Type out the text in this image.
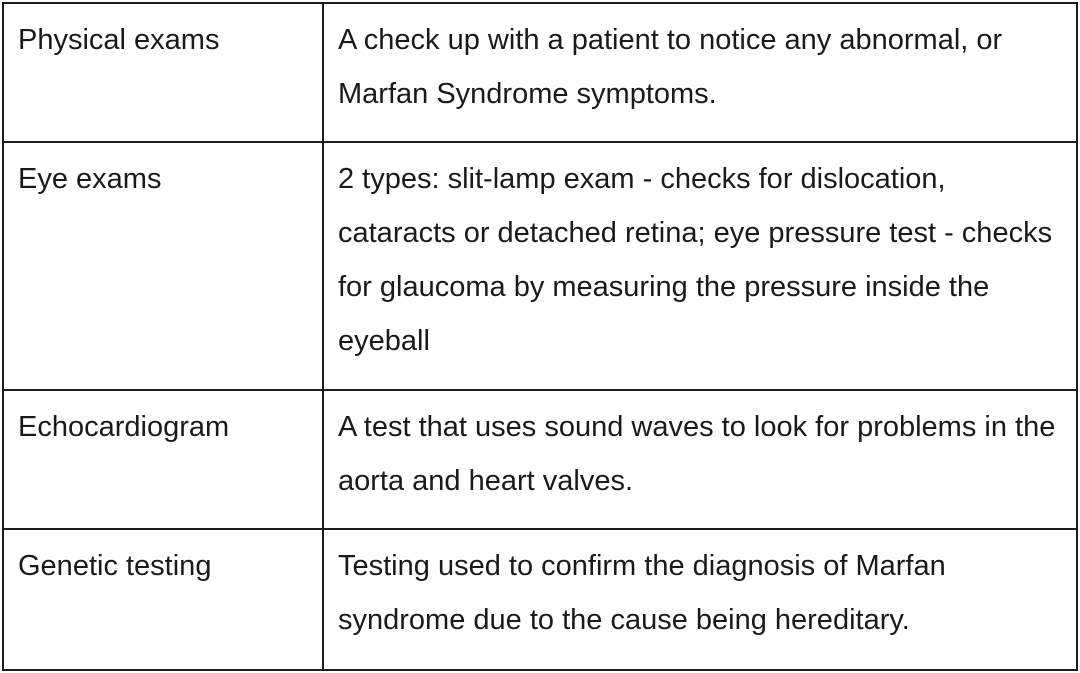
Physical exams	A check up with a patient to notice any abnormal, or Marfan Syndrome symptoms.
Eye exams	2 types: slit-lamp exam - checks for dislocation, cataracts or detached retina; eye pressure test - checks for glaucoma by measuring the pressure inside the eyeball
Echocardiogram	A test that uses sound waves to look for problems in the aorta and heart valves.
Genetic testing	Testing used to confirm the diagnosis of Marfan syndrome due to the cause being hereditary.
